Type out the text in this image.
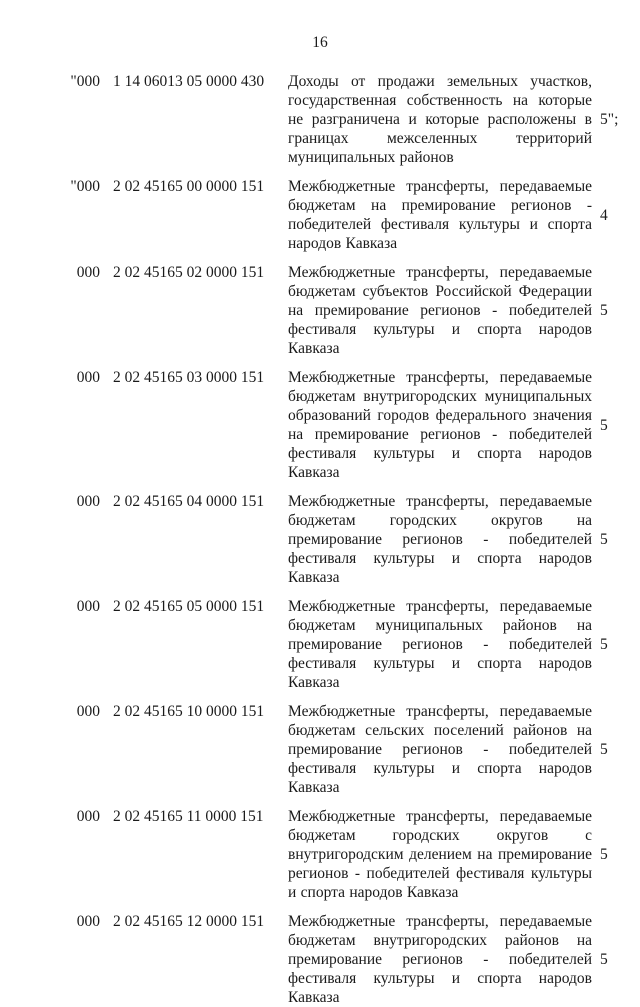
16
"000 1 14 06013 05 0000 430 Доходы от продажи земельных участков, государственная собственность на которые не разграничена и которые расположены в границах межселенных территорий муниципальных районов
5";
"000 2 02 45165 00 0000 151 Межбюджетные трансферты, передаваемые бюджетам на премирование регионов - победителей фестиваля культуры и спорта народов Кавказа
4
000 2 02 45165 02 0000 151 Межбюджетные трансферты, передаваемые бюджетам субъектов Российской Федерации на премирование регионов - победителей фестиваля культуры и спорта народов Кавказа
5
000 2 02 45165 03 0000 151 Межбюджетные трансферты, передаваемые бюджетам внутригородских муниципальных образований городов федерального значения на премирование регионов - победителей фестиваля культуры и спорта народов Кавказа
5
000 2 02 45165 04 0000 151 Межбюджетные трансферты, передаваемые бюджетам городских округов на премирование регионов - победителей фестиваля культуры и спорта народов Кавказа
5
000 2 02 45165 05 0000 151 Межбюджетные трансферты, передаваемые бюджетам муниципальных районов на премирование регионов - победителей фестиваля культуры и спорта народов Кавказа
5
000 2 02 45165 10 0000 151 Межбюджетные трансферты, передаваемые бюджетам сельских поселений районов на премирование регионов - победителей фестиваля культуры и спорта народов Кавказа
5
000 2 02 45165 11 0000 151 Межбюджетные трансферты, передаваемые бюджетам городских округов с внутригородским делением на премирование регионов - победителей фестиваля культуры и спорта народов Кавказа
5
000 2 02 45165 12 0000 151 Межбюджетные трансферты, передаваемые бюджетам внутригородских районов на премирование регионов - победителей фестиваля культуры и спорта народов Кавказа
5
